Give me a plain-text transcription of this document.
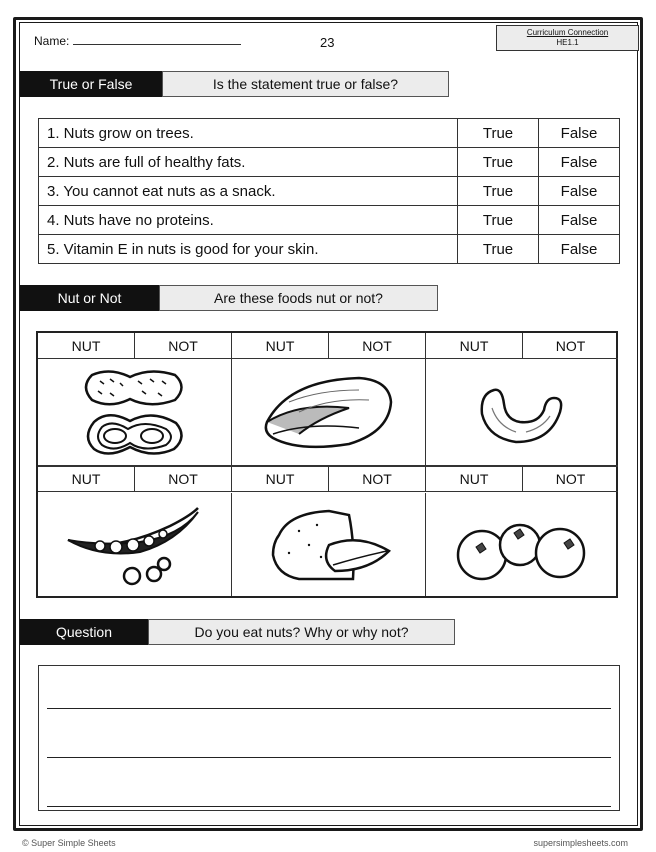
Name:	23
Curriculum Connection
HE1.1
True or False	Is the statement true or false?
1. Nuts grow on trees.	True	False
2. Nuts are full of healthy fats.	True	False
3. You cannot eat nuts as a snack.	True	False
4. Nuts have no proteins.	True	False
5. Vitamin E in nuts is good for your skin.	True	False
Nut or Not	Are these foods nut or not?
NUT	NOT	NUT	NOT	NUT	NOT
NUT	NOT	NUT	NOT	NUT	NOT
Question	Do you eat nuts? Why or why not?
© Super Simple Sheets	supersimplesheets.com
